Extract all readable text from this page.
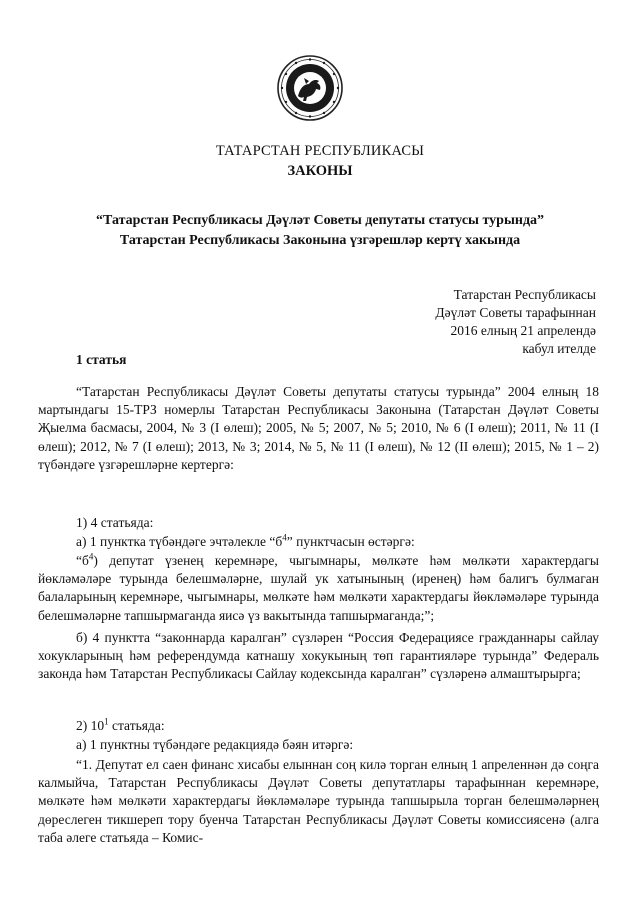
ТАТАРСТАН РЕСПУБЛИКАСЫ
ЗАКОНЫ
“Татарстан Республикасы Дәүләт Советы депутаты статусы турында”
Татарстан Республикасы Законына үзгәрешләр кертү хакында
Татарстан Республикасы
Дәүләт Советы тарафыннан
2016 елның 21 апрелендә
кабул ителде
1 статья
“Татарстан Республикасы Дәүләт Советы депутаты статусы турында” 2004 елның 18 мартындагы 15-ТРЗ номерлы Татарстан Республикасы Законына (Татарстан Дәүләт Советы Җыелма басмасы, 2004, № 3 (I өлеш); 2005, № 5; 2007, № 5; 2010, № 6 (I өлеш); 2011, № 11 (I өлеш); 2012, № 7 (I өлеш); 2013, № 3; 2014, № 5, № 11 (I өлеш), № 12 (II өлеш); 2015, № 1 – 2) түбәндәге үзгәрешләрне кертергә:
1) 4 статьяда:
а) 1 пунктка түбәндәге эчтәлекле “$б^4$” пунктчасын өстәргә:
“$б^4$) депутат үзенең керемнәре, чыгымнары, мөлкәте һәм мөлкәти характердагы йөкләмәләре турында белешмәләрне, шулай ук хатынының (иренең) һәм балигъ булмаган балаларының керемнәре, чыгымнары, мөлкәте һәм мөлкәти характердагы йөкләмәләре турында белешмәләрне тапшырмаганда яисә үз вакытында тапшырмаганда;”;
б) 4 пунктта “законнарда каралган” сүзләрен “Россия Федерациясе гражданнары сайлау хокукларының һәм референдумда катнашу хокукының төп гарантияләре турында” Федераль законда һәм Татарстан Республикасы Сайлау кодексында каралган” сүзләренә алмаштырырга;
2) $10^1$ статьяда:
а) 1 пунктны түбәндәге редакциядә бәян итәргә:
“1. Депутат ел саен финанс хисабы елыннан соң килә торган елның 1 апреленнән дә соңга калмыйча, Татарстан Республикасы Дәүләт Советы депутатлары тарафыннан керемнәре, мөлкәте һәм мөлкәти характердагы йөкләмәләре турында тапшырыла торган белешмәләрнең дөреслеген тикшереп тору буенча Татарстан Республикасы Дәүләт Советы комиссиясенә (алга таба әлеге статьяда – Комис-
